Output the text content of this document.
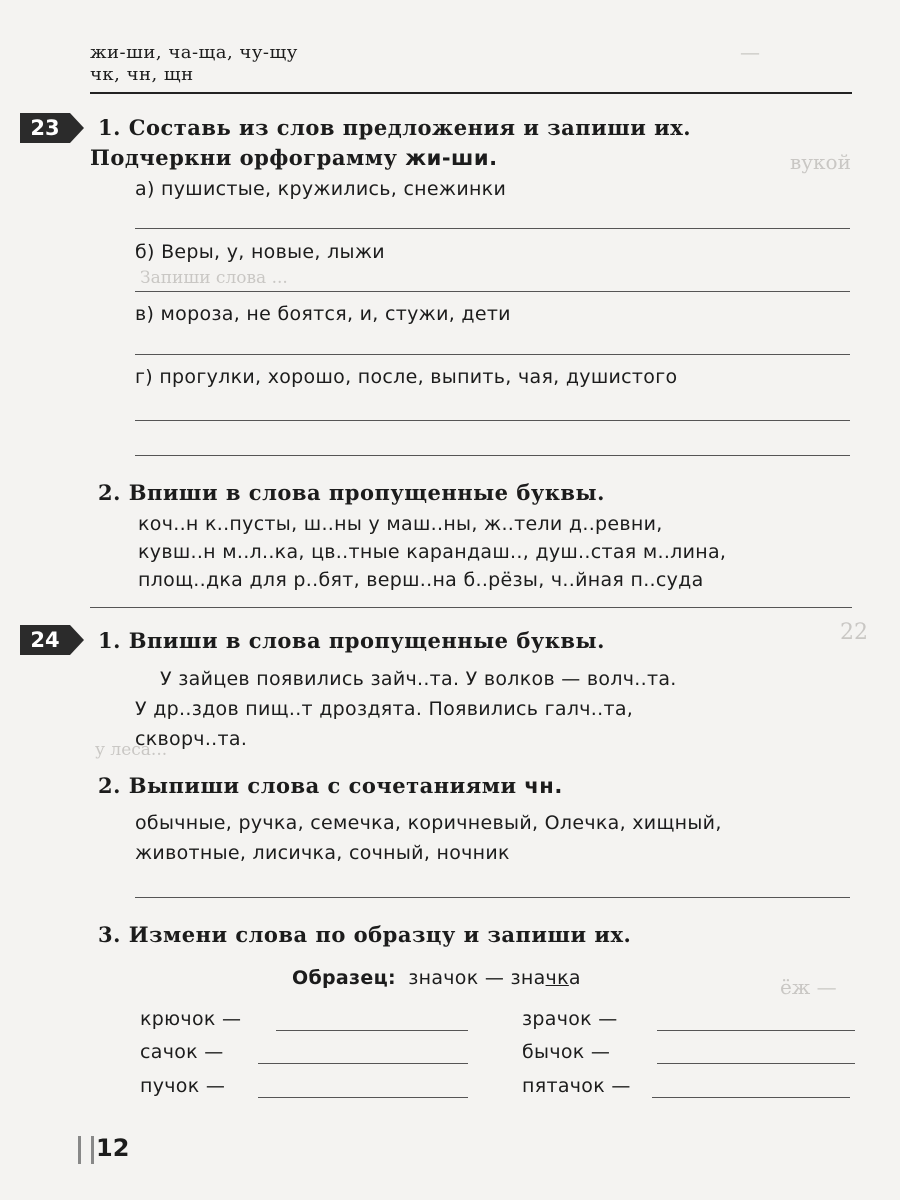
—
вукой
Запиши слова ...
22
у леса...
ёж —
жи-ши, ча-ща, чу-щу
чк, чн, щн
23	1. Составь из слов предложения и запиши их.
Подчеркни орфограмму жи-ши.
а) пушистые, кружились, снежинки
б) Веры, у, новые, лыжи
в) мороза, не боятся, и, стужи, дети
г) прогулки, хорошо, после, выпить, чая, душистого
2. Впиши в слова пропущенные буквы.
коч..н к..пусты, ш..ны у маш..ны, ж..тели д..ревни,
кувш..н м..л..ка, цв..тные карандаш.., душ..стая м..лина,
площ..дка для р..бят, верш..на б..рёзы, ч..йная п..суда
24	1. Впиши в слова пропущенные буквы.
У зайцев появились зайч..та. У волков — волч..та.
У др..здов пищ..т дроздята. Появились галч..та,
скворч..та.
2. Выпиши слова с сочетаниями чн.
обычные, ручка, семечка, коричневый, Олечка, хищный,
животные, лисичка, сочный, ночник
3. Измени слова по образцу и запиши их.
Образец: значок — значка
крючок —
сачок —
пучок —
зрачок —
бычок —
пятачок —
12
